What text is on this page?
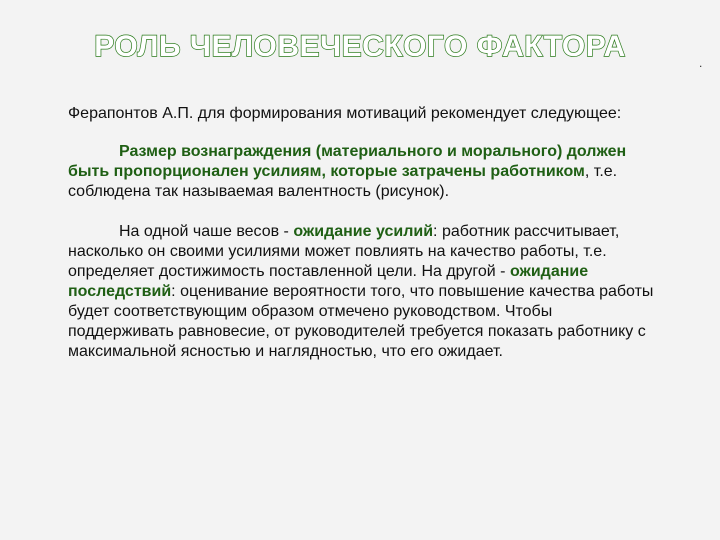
РОЛЬ ЧЕЛОВЕЧЕСКОГО ФАКТОРА	.

Ферапонтов А.П. для формирования мотиваций рекомендует следующее:

Размер вознаграждения (материального и морального) должен быть пропорционален усилиям, которые затрачены работником, т.е. соблюдена так называемая валентность (рисунок).

На одной чаше весов - ожидание усилий: работник рассчитывает, насколько он своими усилиями может повлиять на качество работы, т.е. определяет достижимость поставленной цели. На другой - ожидание последствий: оценивание вероятности того, что повышение качества работы будет соответствующим образом отмечено руководством. Чтобы поддерживать равновесие, от руководителей требуется показать работнику с максимальной ясностью и наглядностью, что его ожидает.
